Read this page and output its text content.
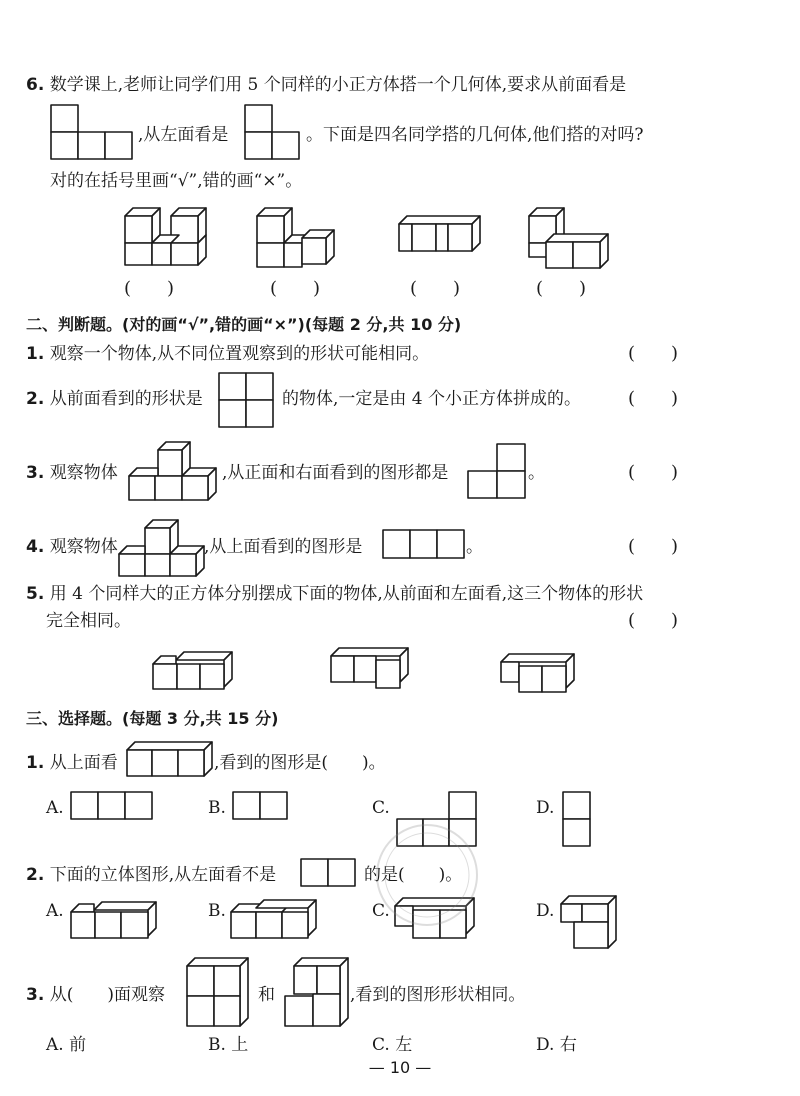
6. 数学课上,老师让同学们用 5 个同样的小正方体搭一个几何体,要求从前面看是
,从左面看是	。下面是四名同学搭的几何体,他们搭的对吗?
对的在括号里画“√”,错的画“×”。
(　　)	(　　)	(　　)	(　　)
二、判断题。(对的画“√”,错的画“×”)(每题 2 分,共 10 分)
1. 观察一个物体,从不同位置观察到的形状可能相同。	(　　)
2. 从前面看到的形状是	的物体,一定是由 4 个小正方体拼成的。	(　　)
3. 观察物体	,从正面和右面看到的图形都是	。	(　　)
4. 观察物体	,从上面看到的图形是	。	(　　)
5. 用 4 个同样大的正方体分别摆成下面的物体,从前面和左面看,这三个物体的形状
完全相同。	(　　)
三、选择题。(每题 3 分,共 15 分)
1. 从上面看	,看到的图形是(　　)。
A.	B.	C.	D.
2. 下面的立体图形,从左面看不是	的是(　　)。
A.	B.	C.	D.
3. 从(　　)面观察	和	,看到的图形形状相同。
A. 前	B. 上	C. 左	D. 右
— 10 —
